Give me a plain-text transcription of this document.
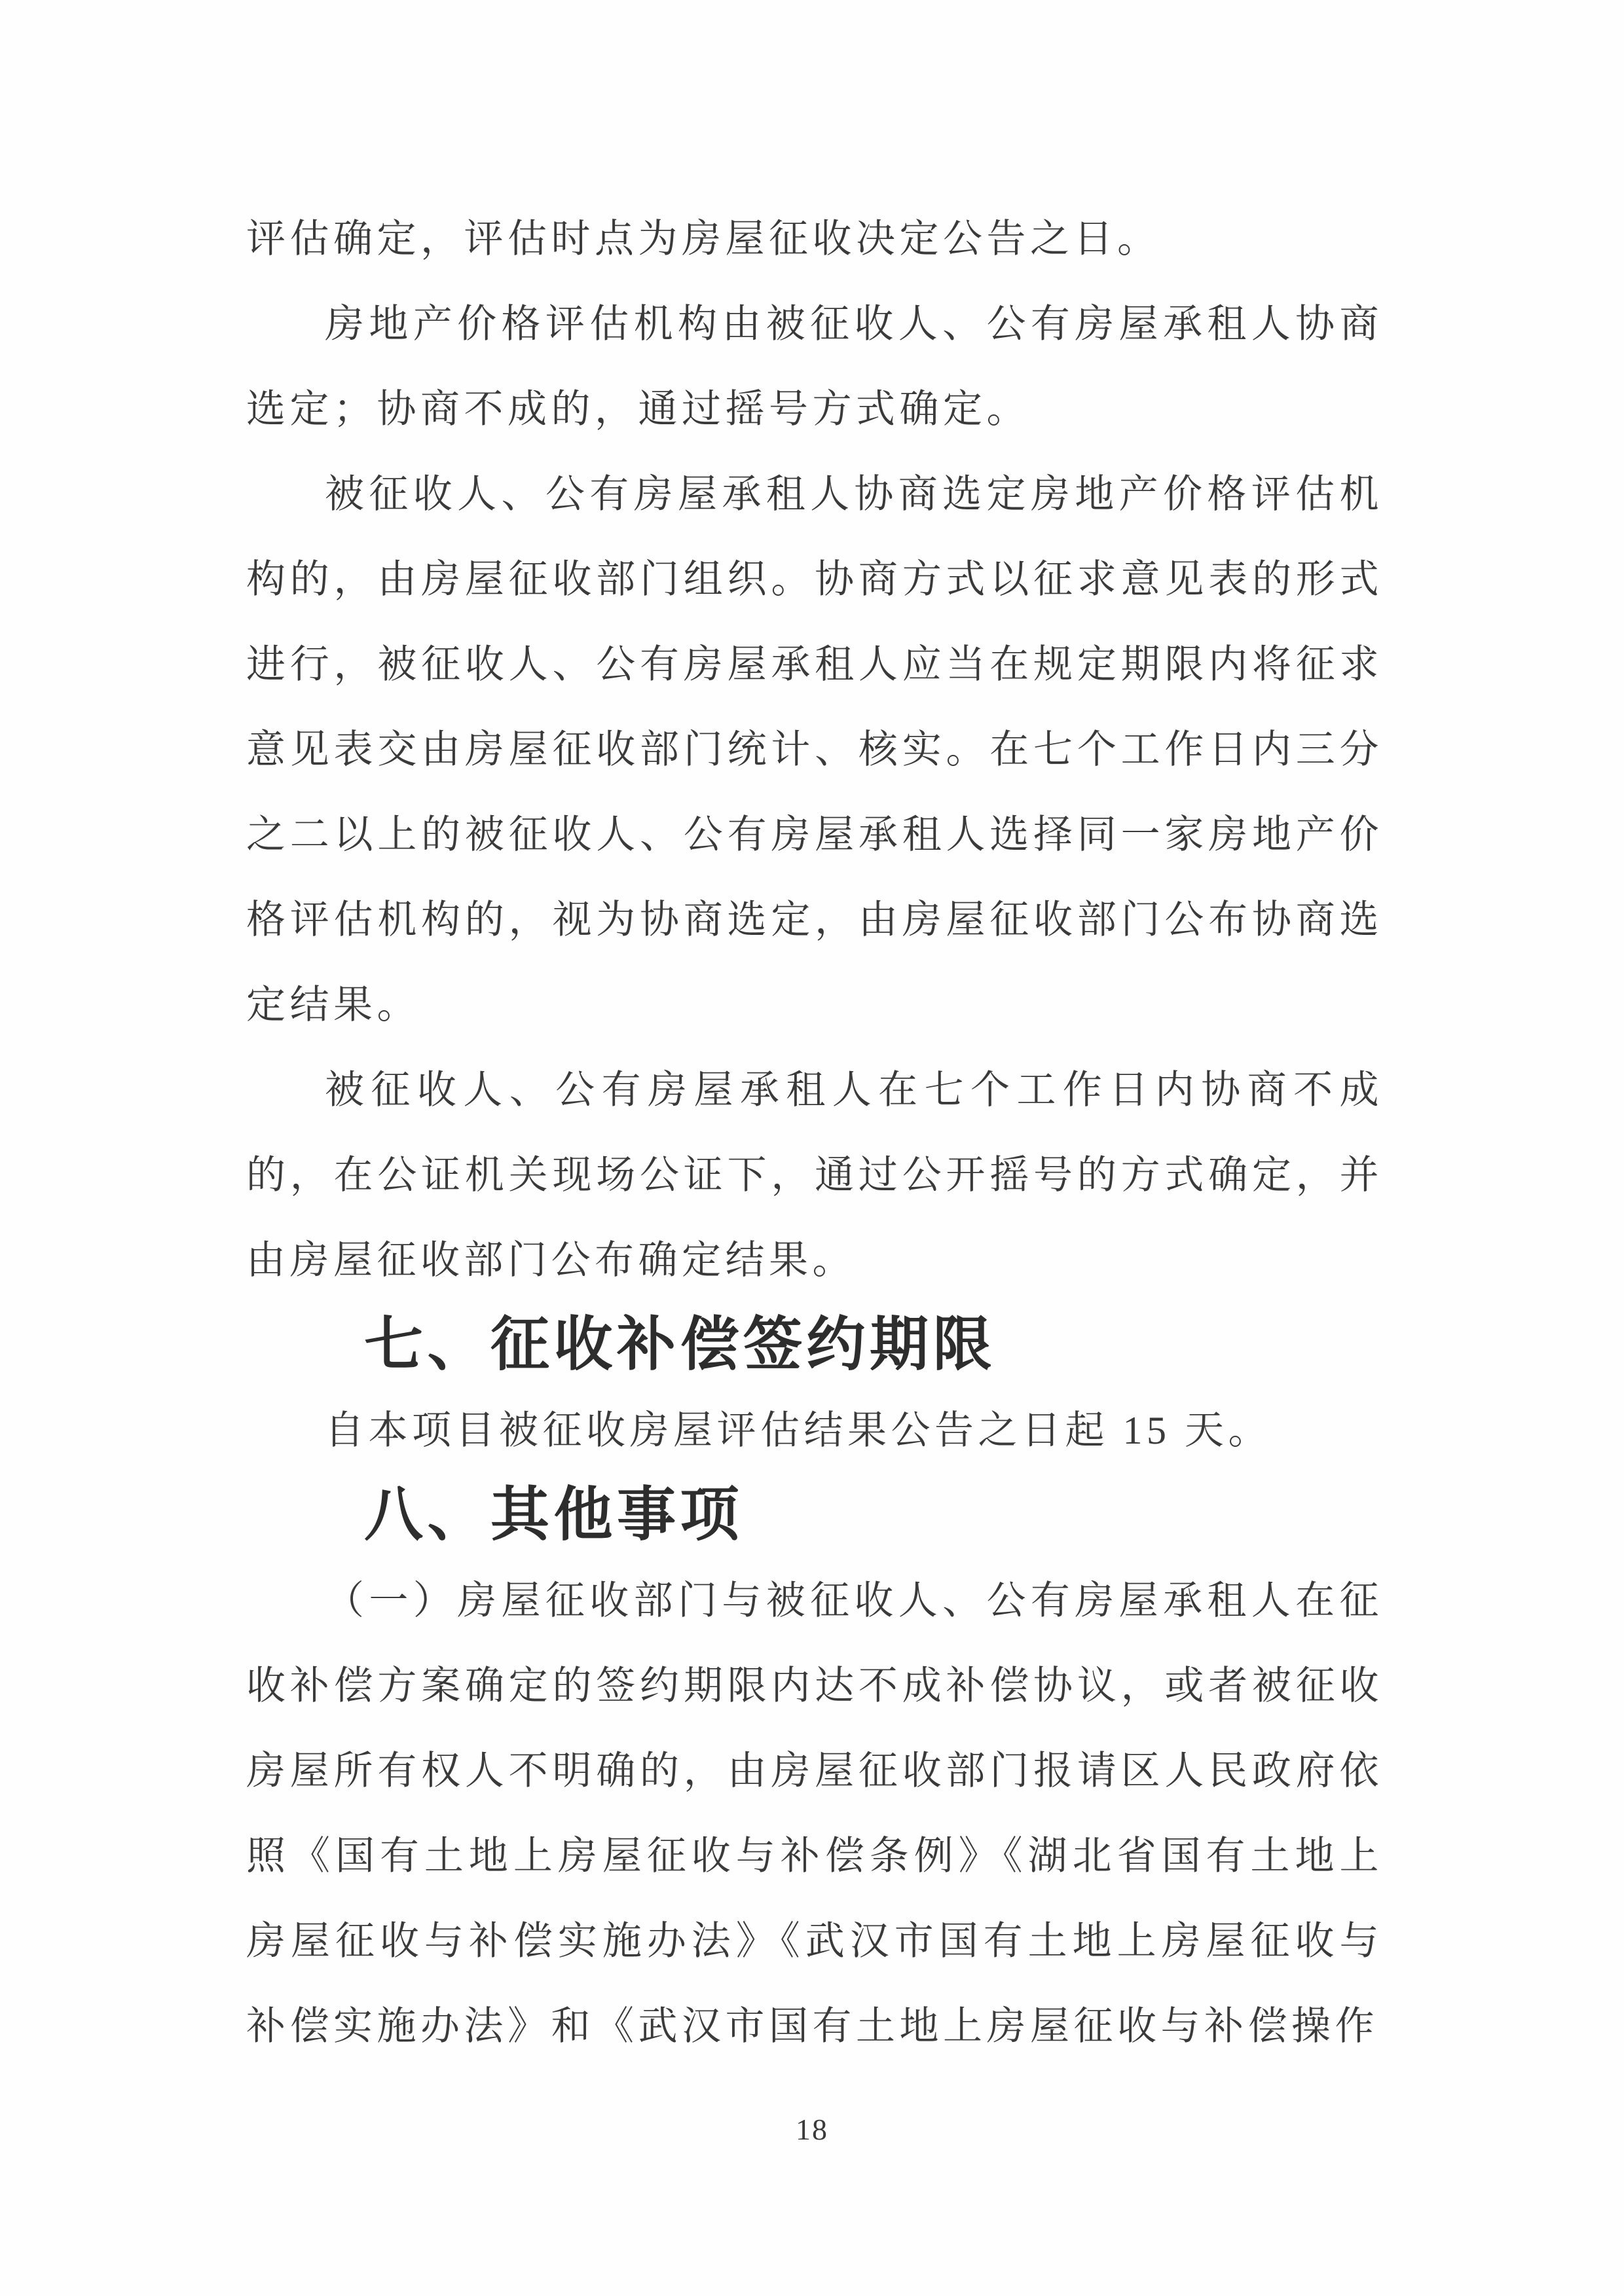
评估确定，评估时点为房屋征收决定公告之日。

房地产价格评估机构由被征收人、公有房屋承租人协商选定；协商不成的，通过摇号方式确定。

被征收人、公有房屋承租人协商选定房地产价格评估机构的，由房屋征收部门组织。协商方式以征求意见表的形式进行，被征收人、公有房屋承租人应当在规定期限内将征求意见表交由房屋征收部门统计、核实。在七个工作日内三分之二以上的被征收人、公有房屋承租人选择同一家房地产价格评估机构的，视为协商选定，由房屋征收部门公布协商选定结果。

被征收人、公有房屋承租人在七个工作日内协商不成的，在公证机关现场公证下，通过公开摇号的方式确定，并由房屋征收部门公布确定结果。

七、征收补偿签约期限

自本项目被征收房屋评估结果公告之日起 15 天。

八、其他事项

（一）房屋征收部门与被征收人、公有房屋承租人在征收补偿方案确定的签约期限内达不成补偿协议，或者被征收房屋所有权人不明确的，由房屋征收部门报请区人民政府依照《国有土地上房屋征收与补偿条例》《湖北省国有土地上房屋征收与补偿实施办法》《武汉市国有土地上房屋征收与补偿实施办法》和《武汉市国有土地上房屋征收与补偿操作

18
